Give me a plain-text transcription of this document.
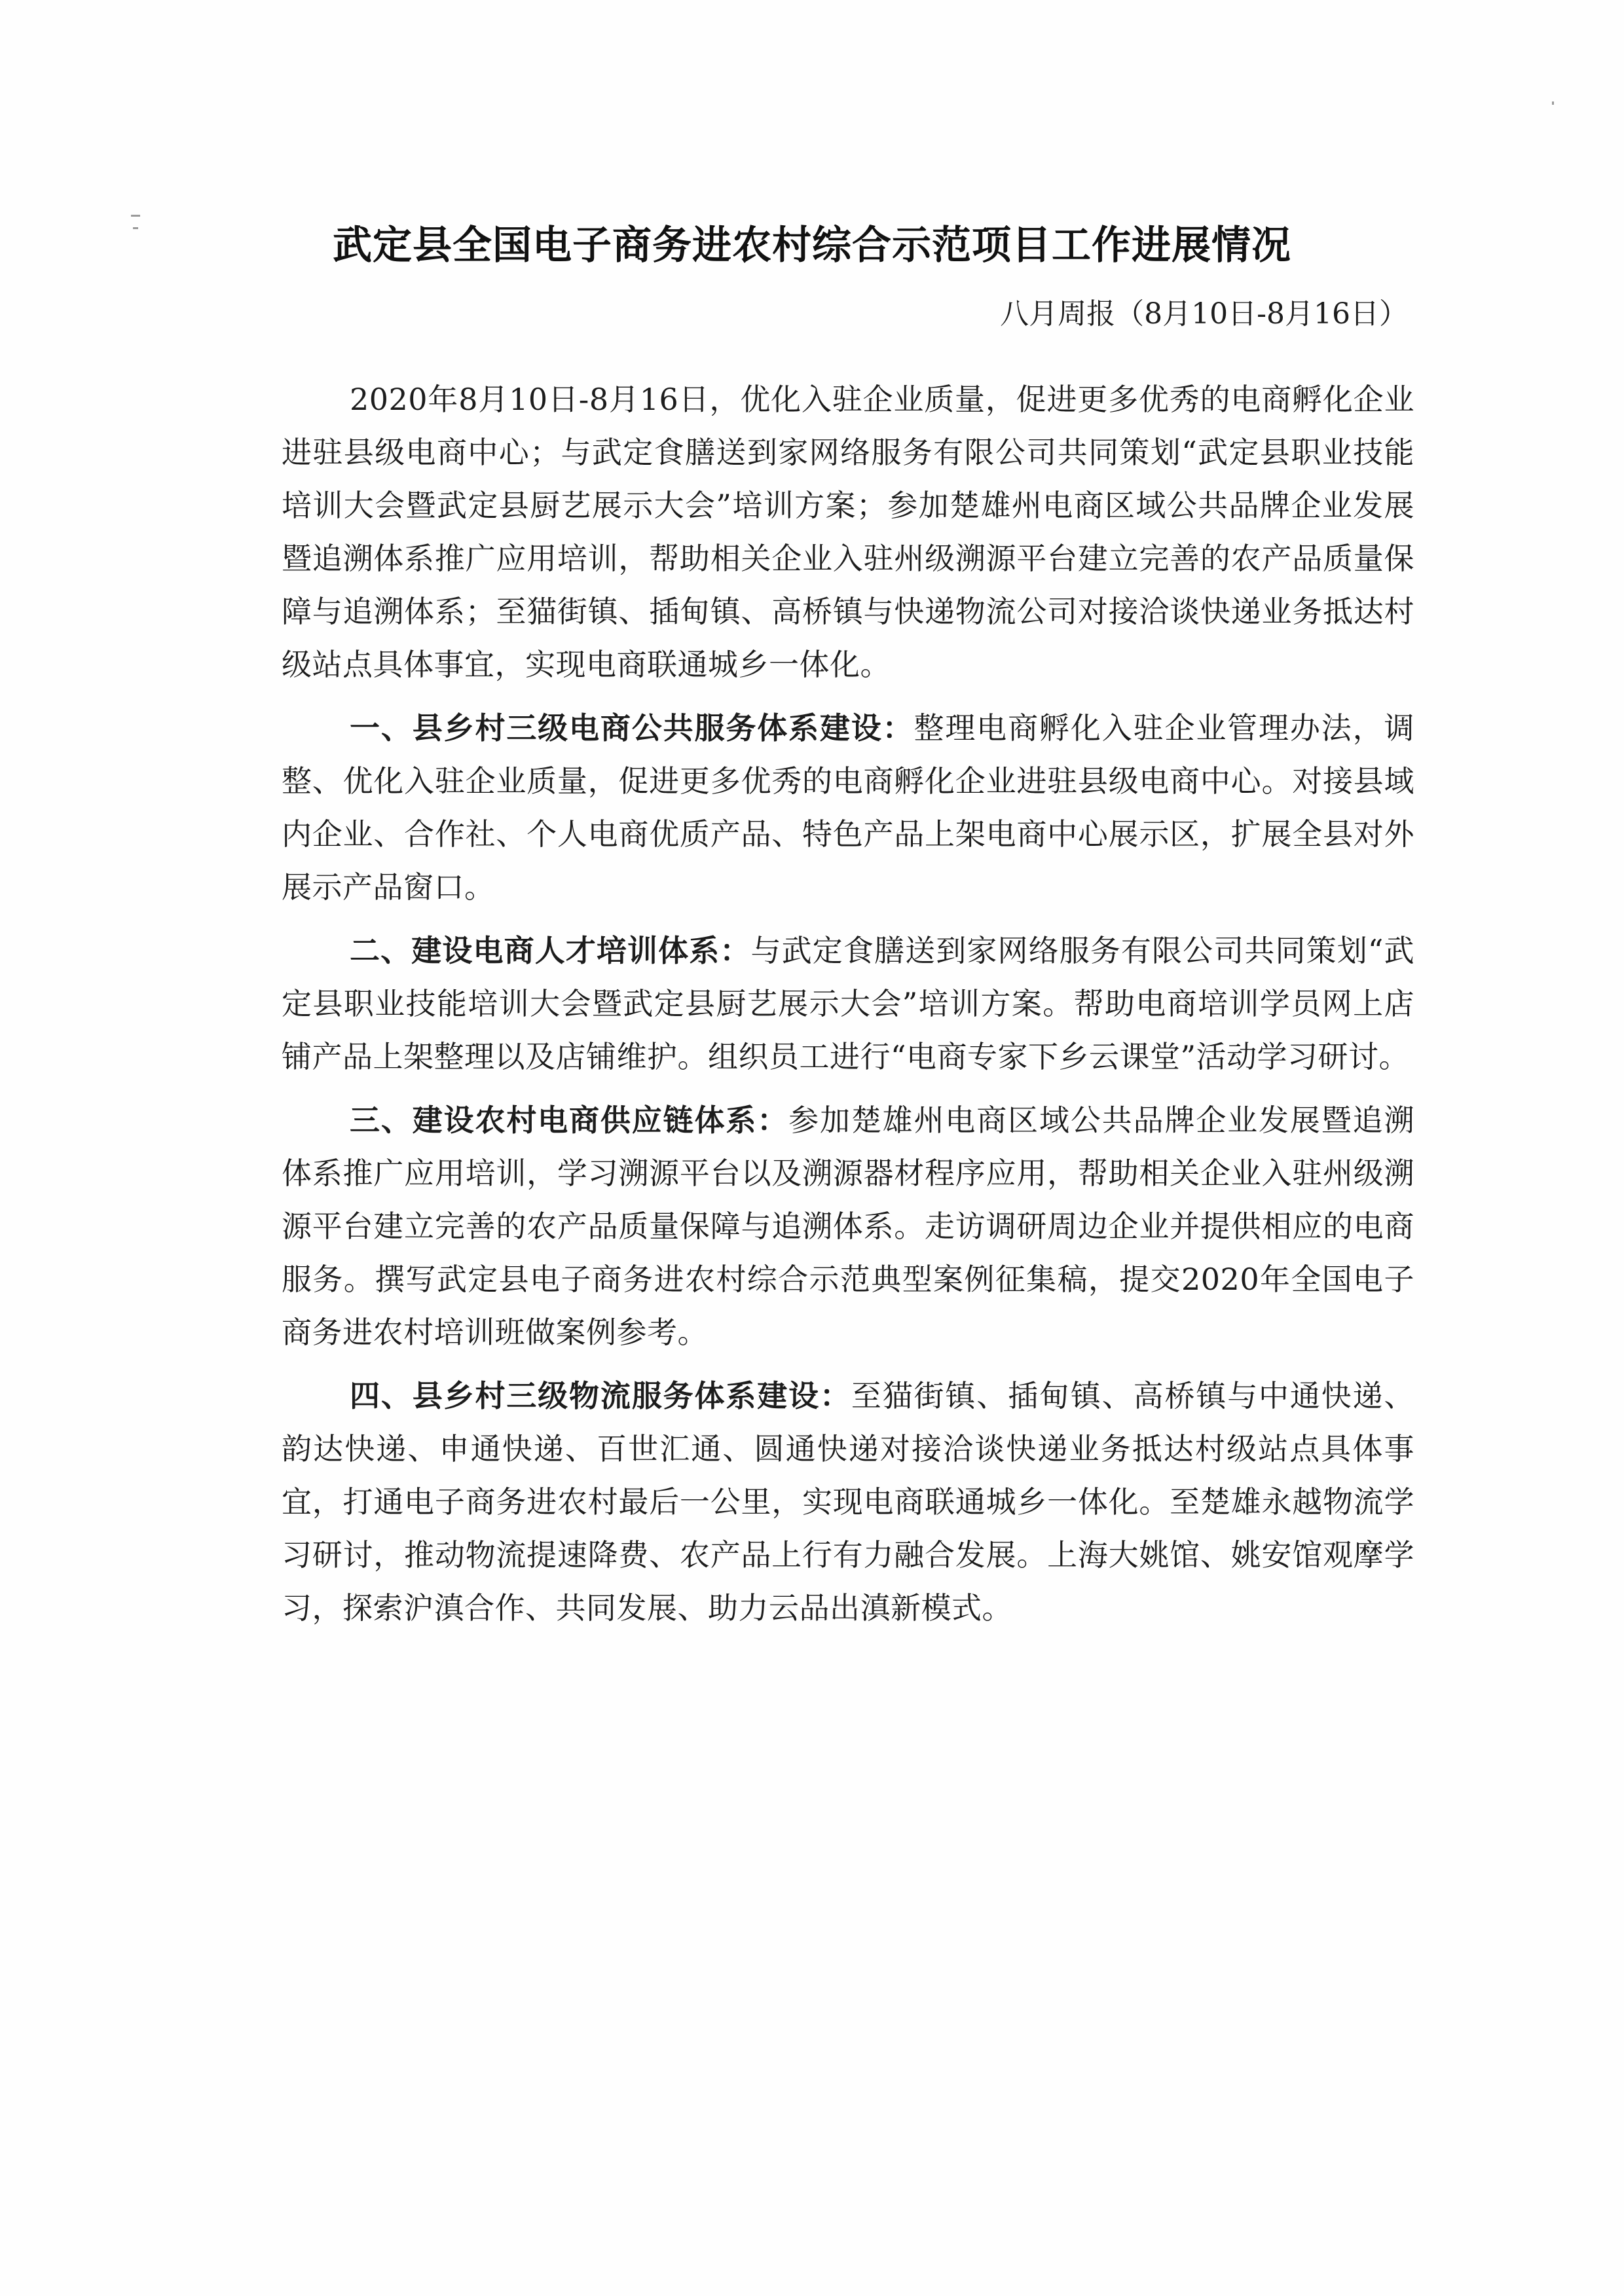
武定县全国电子商务进农村综合示范项目工作进展情况
八月周报（8月10日-8月16日）

2020年8月10日-8月16日，优化入驻企业质量，促进更多优秀的电商孵化企业进驻县级电商中心；与武定食膳送到家网络服务有限公司共同策划“武定县职业技能培训大会暨武定县厨艺展示大会”培训方案；参加楚雄州电商区域公共品牌企业发展暨追溯体系推广应用培训，帮助相关企业入驻州级溯源平台建立完善的农产品质量保障与追溯体系；至猫街镇、插甸镇、高桥镇与快递物流公司对接洽谈快递业务抵达村级站点具体事宜，实现电商联通城乡一体化。

一、县乡村三级电商公共服务体系建设：整理电商孵化入驻企业管理办法，调整、优化入驻企业质量，促进更多优秀的电商孵化企业进驻县级电商中心。对接县域内企业、合作社、个人电商优质产品、特色产品上架电商中心展示区，扩展全县对外展示产品窗口。

二、建设电商人才培训体系：与武定食膳送到家网络服务有限公司共同策划“武定县职业技能培训大会暨武定县厨艺展示大会”培训方案。帮助电商培训学员网上店铺产品上架整理以及店铺维护。组织员工进行“电商专家下乡云课堂”活动学习研讨。

三、建设农村电商供应链体系：参加楚雄州电商区域公共品牌企业发展暨追溯体系推广应用培训，学习溯源平台以及溯源器材程序应用，帮助相关企业入驻州级溯源平台建立完善的农产品质量保障与追溯体系。走访调研周边企业并提供相应的电商服务。撰写武定县电子商务进农村综合示范典型案例征集稿，提交2020年全国电子商务进农村培训班做案例参考。

四、县乡村三级物流服务体系建设：至猫街镇、插甸镇、高桥镇与中通快递、韵达快递、申通快递、百世汇通、圆通快递对接洽谈快递业务抵达村级站点具体事宜，打通电子商务进农村最后一公里，实现电商联通城乡一体化。至楚雄永越物流学习研讨，推动物流提速降费、农产品上行有力融合发展。上海大姚馆、姚安馆观摩学习，探索沪滇合作、共同发展、助力云品出滇新模式。
